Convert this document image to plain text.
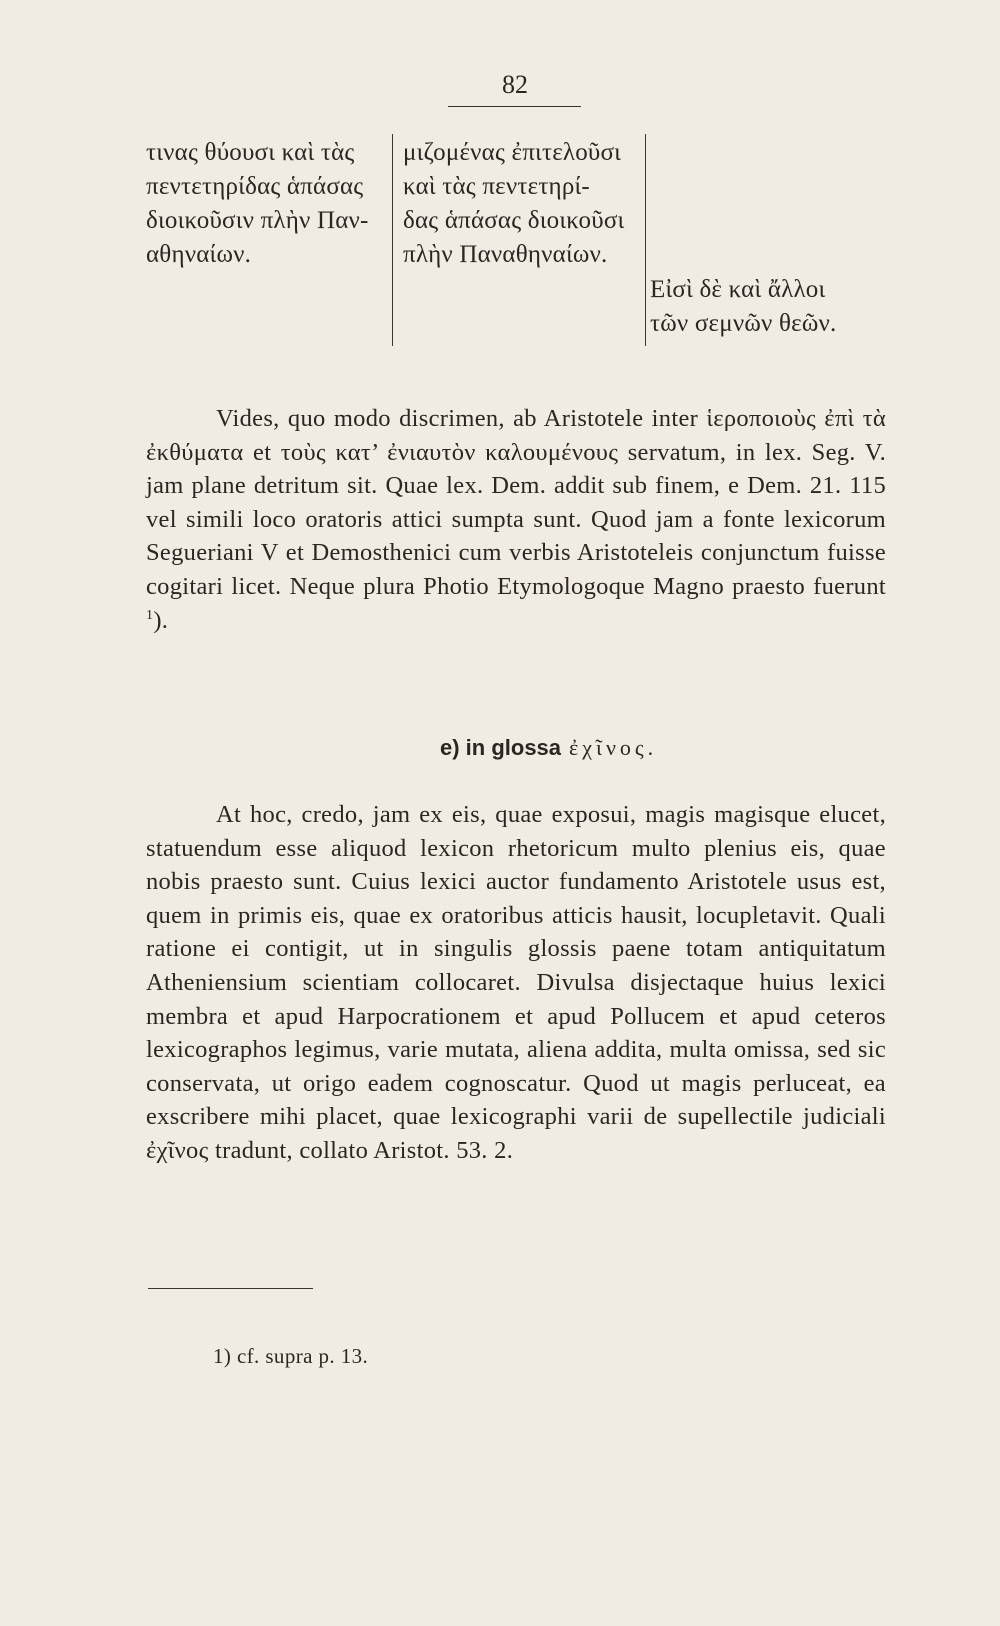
82
τινας θύουσι καὶ τὰς
πεντετηρίδας ἁπάσας
διοικοῦσιν πλὴν Παν-
αθηναίων.
μιζομένας ἐπιτελοῦσι
καὶ τὰς πεντετηρί-
δας ἁπάσας διοικοῦσι
πλὴν Παναθηναίων.
Εἰσὶ δὲ καὶ ἄλλοι
τῶν σεμνῶν θεῶν.
Vides, quo modo discrimen, ab Aristotele inter ἱεροποιοὺς ἐπὶ τὰ ἐκθύματα et τοὺς κατ’ ἐνιαυτὸν καλουμένους servatum, in lex. Seg. V. jam plane detritum sit. Quae lex. Dem. addit sub finem, e Dem. 21. 115 vel simili loco oratoris attici sumpta sunt. Quod jam a fonte lexicorum Segueriani V et Demosthenici cum verbis Aristoteleis conjunctum fuisse cogitari licet. Neque plura Photio Etymologoque Magno praesto fuerunt $^1$).
e) in glossa ἐχῖνος.
At hoc, credo, jam ex eis, quae exposui, magis magisque elucet, statuendum esse aliquod lexicon rhetoricum multo plenius eis, quae nobis praesto sunt. Cuius lexici auctor fundamento Aristotele usus est, quem in primis eis, quae ex oratoribus atticis hausit, locupletavit. Quali ratione ei contigit, ut in singulis glossis paene totam antiquitatum Atheniensium scientiam collocaret. Divulsa disjectaque huius lexici membra et apud Harpocrationem et apud Pollucem et apud ceteros lexicographos legimus, varie mutata, aliena addita, multa omissa, sed sic conservata, ut origo eadem cognoscatur. Quod ut magis perluceat, ea exscribere mihi placet, quae lexicographi varii de supellectile judiciali ἐχῖνος tradunt, collato Aristot. 53. 2.
1) cf. supra p. 13.
